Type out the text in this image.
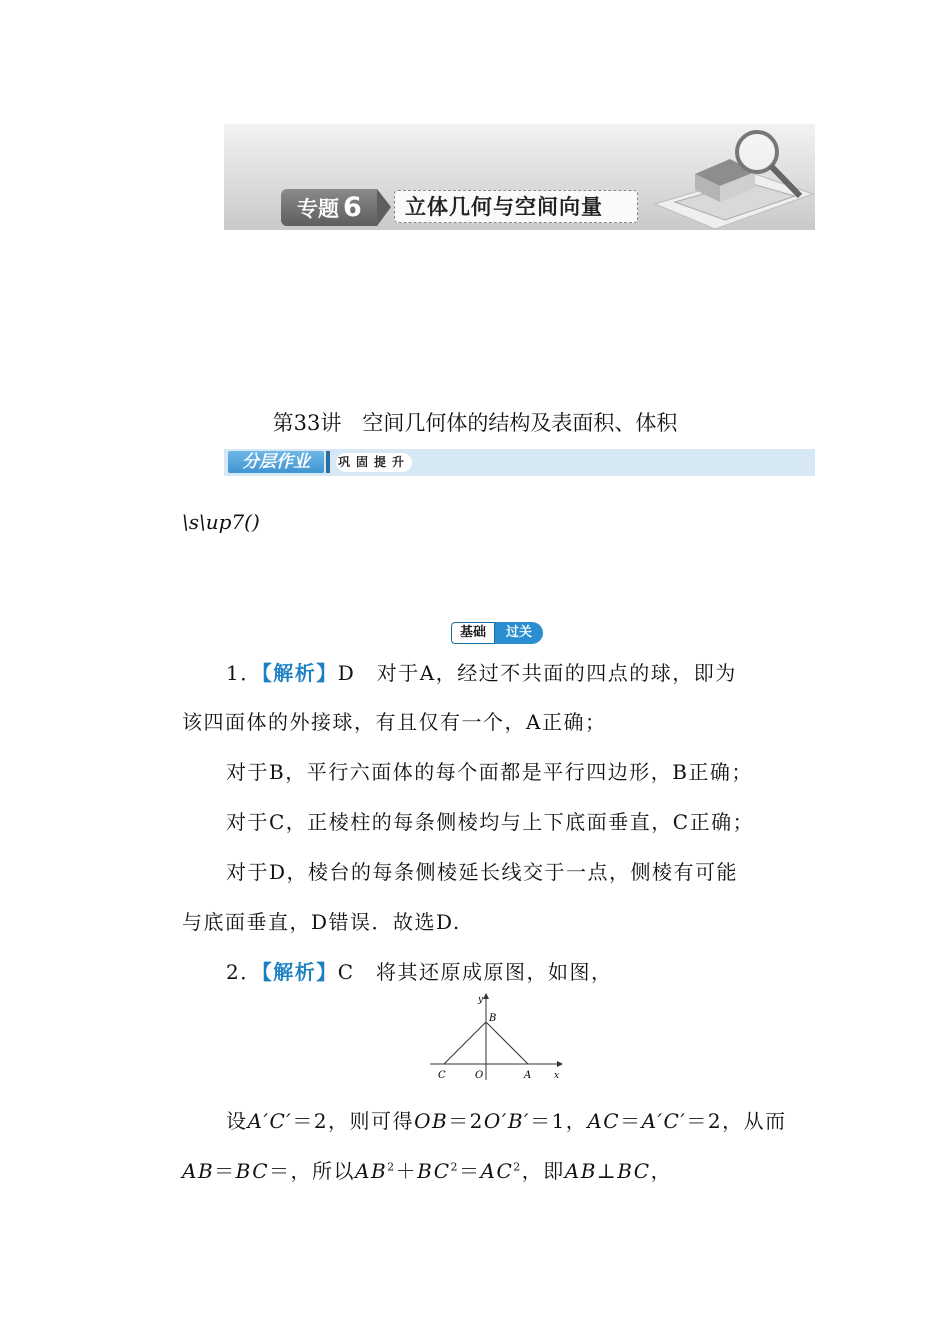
专题 6	立体几何与空间向量
第33讲　空间几何体的结构及表面积、体积
分层作业	巩固提升
\s\up7()
基础	过关
1．【解析】D　对于A，经过不共面的四点的球，即为
该四面体的外接球，有且仅有一个，A正确；
对于B，平行六面体的每个面都是平行四边形，B正确；
对于C，正棱柱的每条侧棱均与上下底面垂直，C正确；
对于D，棱台的每条侧棱延长线交于一点，侧棱有可能
与底面垂直，D错误．故选D.
2．【解析】C　将其还原成原图，如图，
y
B
C	O	A	x
设A′C′＝2，则可得OB＝2O′B′＝1，AC＝A′C′＝2，从而
AB＝BC＝，所以$AB^2+BC^2=AC^2$，即AB⊥BC，
